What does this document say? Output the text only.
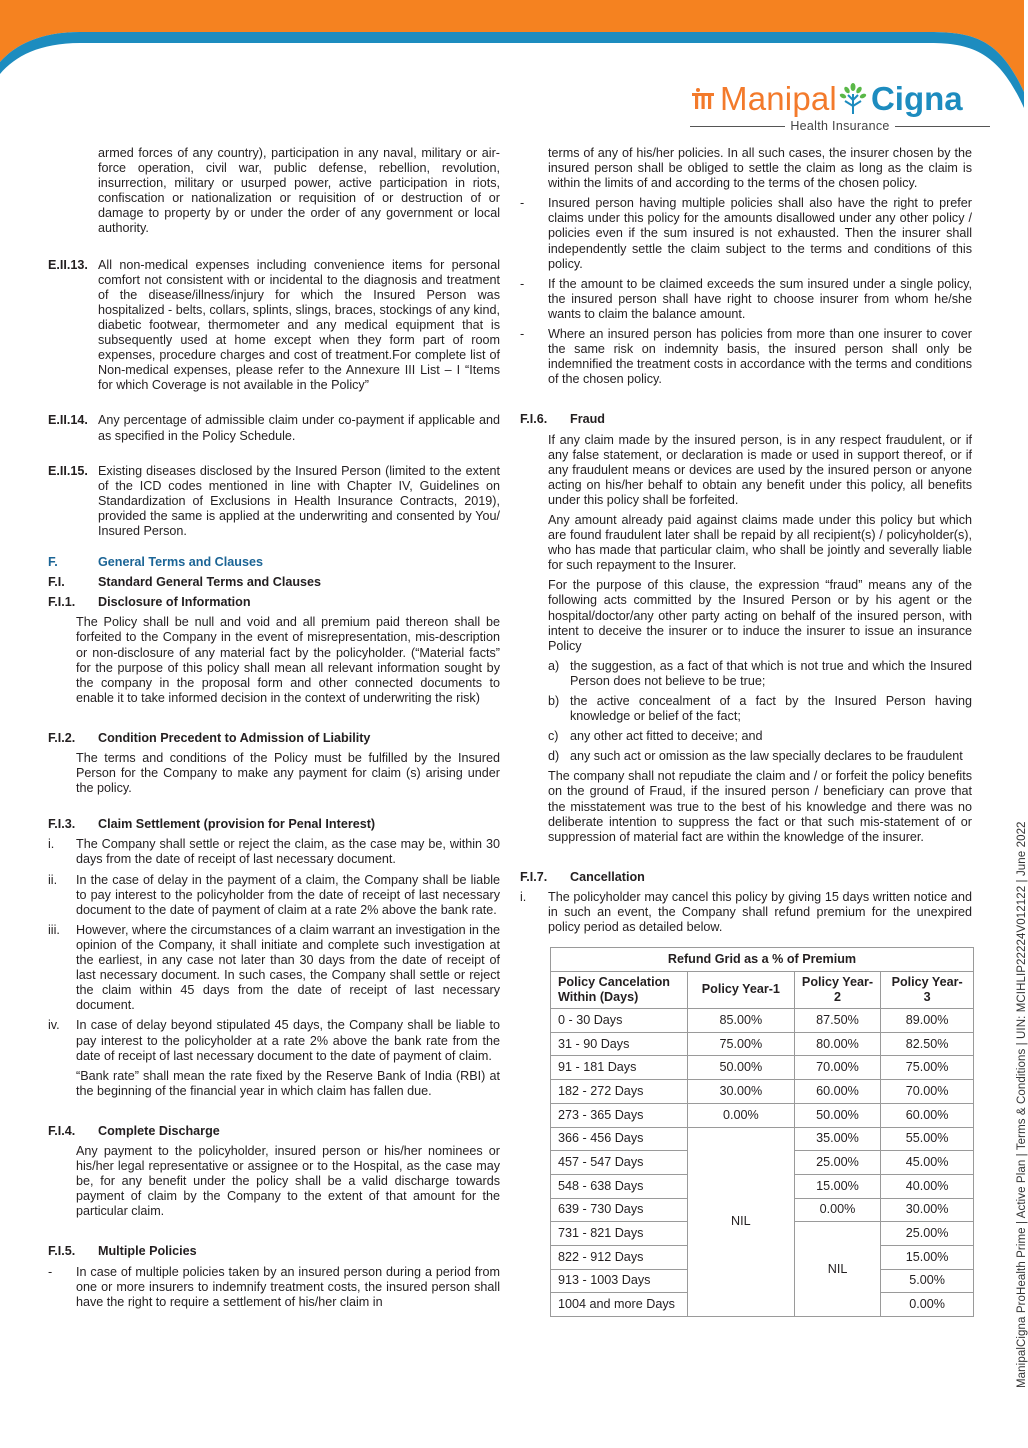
Manipal Cigna
Health Insurance
armed forces of any country), participation in any naval, military or air-force operation, civil war, public defense, rebellion, revolution, insurrection, military or usurped power, active participation in riots, confiscation or nationalization or requisition of or destruction of or damage to property by or under the order of any government or local authority.
E.II.13. All non-medical expenses including convenience items for personal comfort not consistent with or incidental to the diagnosis and treatment of the disease/illness/injury for which the Insured Person was hospitalized - belts, collars, splints, slings, braces, stockings of any kind, diabetic footwear, thermometer and any medical equipment that is subsequently used at home except when they form part of room expenses, procedure charges and cost of treatment.For complete list of Non-medical expenses, please refer to the Annexure III List – I “Items for which Coverage is not available in the Policy”
E.II.14. Any percentage of admissible claim under co-payment if applicable and as specified in the Policy Schedule.
E.II.15. Existing diseases disclosed by the Insured Person (limited to the extent of the ICD codes mentioned in line with Chapter IV, Guidelines on Standardization of Exclusions in Health Insurance Contracts, 2019), provided the same is applied at the underwriting and consented by You/ Insured Person.
F.	General Terms and Clauses
F.I.	Standard General Terms and Clauses
F.I.1.	Disclosure of Information
The Policy shall be null and void and all premium paid thereon shall be forfeited to the Company in the event of misrepresentation, mis-description or non-disclosure of any material fact by the policyholder. (“Material facts” for the purpose of this policy shall mean all relevant information sought by the company in the proposal form and other connected documents to enable it to take informed decision in the context of underwriting the risk)
F.I.2.	Condition Precedent to Admission of Liability
The terms and conditions of the Policy must be fulfilled by the Insured Person for the Company to make any payment for claim (s) arising under the policy.
F.I.3.	Claim Settlement (provision for Penal Interest)
i.	The Company shall settle or reject the claim, as the case may be, within 30 days from the date of receipt of last necessary document.
ii.	In the case of delay in the payment of a claim, the Company shall be liable to pay interest to the policyholder from the date of receipt of last necessary document to the date of payment of claim at a rate 2% above the bank rate.
iii.	However, where the circumstances of a claim warrant an investigation in the opinion of the Company, it shall initiate and complete such investigation at the earliest, in any case not later than 30 days from the date of receipt of last necessary document. In such cases, the Company shall settle or reject the claim within 45 days from the date of receipt of last necessary document.
iv.	In case of delay beyond stipulated 45 days, the Company shall be liable to pay interest to the policyholder at a rate 2% above the bank rate from the date of receipt of last necessary document to the date of payment of claim.
“Bank rate” shall mean the rate fixed by the Reserve Bank of India (RBI) at the beginning of the financial year in which claim has fallen due.
F.I.4.	Complete Discharge
Any payment to the policyholder, insured person or his/her nominees or his/her legal representative or assignee or to the Hospital, as the case may be, for any benefit under the policy shall be a valid discharge towards payment of claim by the Company to the extent of that amount for the particular claim.
F.I.5.	Multiple Policies
-	In case of multiple policies taken by an insured person during a period from one or more insurers to indemnify treatment costs, the insured person shall have the right to require a settlement of his/her claim in
terms of any of his/her policies. In all such cases, the insurer chosen by the insured person shall be obliged to settle the claim as long as the claim is within the limits of and according to the terms of the chosen policy.
-	Insured person having multiple policies shall also have the right to prefer claims under this policy for the amounts disallowed under any other policy / policies even if the sum insured is not exhausted. Then the insurer shall independently settle the claim subject to the terms and conditions of this policy.
-	If the amount to be claimed exceeds the sum insured under a single policy, the insured person shall have right to choose insurer from whom he/she wants to claim the balance amount.
-	Where an insured person has policies from more than one insurer to cover the same risk on indemnity basis, the insured person shall only be indemnified the treatment costs in accordance with the terms and conditions of the chosen policy.
F.I.6.	Fraud
If any claim made by the insured person, is in any respect fraudulent, or if any false statement, or declaration is made or used in support thereof, or if any fraudulent means or devices are used by the insured person or anyone acting on his/her behalf to obtain any benefit under this policy, all benefits under this policy shall be forfeited.
Any amount already paid against claims made under this policy but which are found fraudulent later shall be repaid by all recipient(s) / policyholder(s), who has made that particular claim, who shall be jointly and severally liable for such repayment to the Insurer.
For the purpose of this clause, the expression “fraud” means any of the following acts committed by the Insured Person or by his agent or the hospital/doctor/any other party acting on behalf of the insured person, with intent to deceive the insurer or to induce the insurer to issue an insurance Policy
a) the suggestion, as a fact of that which is not true and which the Insured Person does not believe to be true;
b) the active concealment of a fact by the Insured Person having knowledge or belief of the fact;
c) any other act fitted to deceive; and
d) any such act or omission as the law specially declares to be fraudulent
The company shall not repudiate the claim and / or forfeit the policy benefits on the ground of Fraud, if the insured person / beneficiary can prove that the misstatement was true to the best of his knowledge and there was no deliberate intention to suppress the fact or that such mis-statement of or suppression of material fact are within the knowledge of the insurer.
F.I.7.	Cancellation
i.	The policyholder may cancel this policy by giving 15 days written notice and in such an event, the Company shall refund premium for the unexpired policy period as detailed below.
Refund Grid as a % of Premium			
Policy Cancelation Within (Days)	Policy Year-1	Policy Year-2	Policy Year-3
0 - 30 Days	85.00%	87.50%	89.00%
31 - 90 Days	75.00%	80.00%	82.50%
91 - 181 Days	50.00%	70.00%	75.00%
182 - 272 Days	30.00%	60.00%	70.00%
273 - 365 Days	0.00%	50.00%	60.00%
366 - 456 Days	NIL	35.00%	55.00%
457 - 547 Days		25.00%	45.00%
548 - 638 Days		15.00%	40.00%
639 - 730 Days		0.00%	30.00%
731 - 821 Days		NIL	25.00%
822 - 912 Days			15.00%
913 - 1003 Days			5.00%
1004 and more Days			0.00%	ManipalCigna ProHealth Prime | Active Plan | Terms & Conditions | UIN: MCIHLIP22224V012122 | June 2022
